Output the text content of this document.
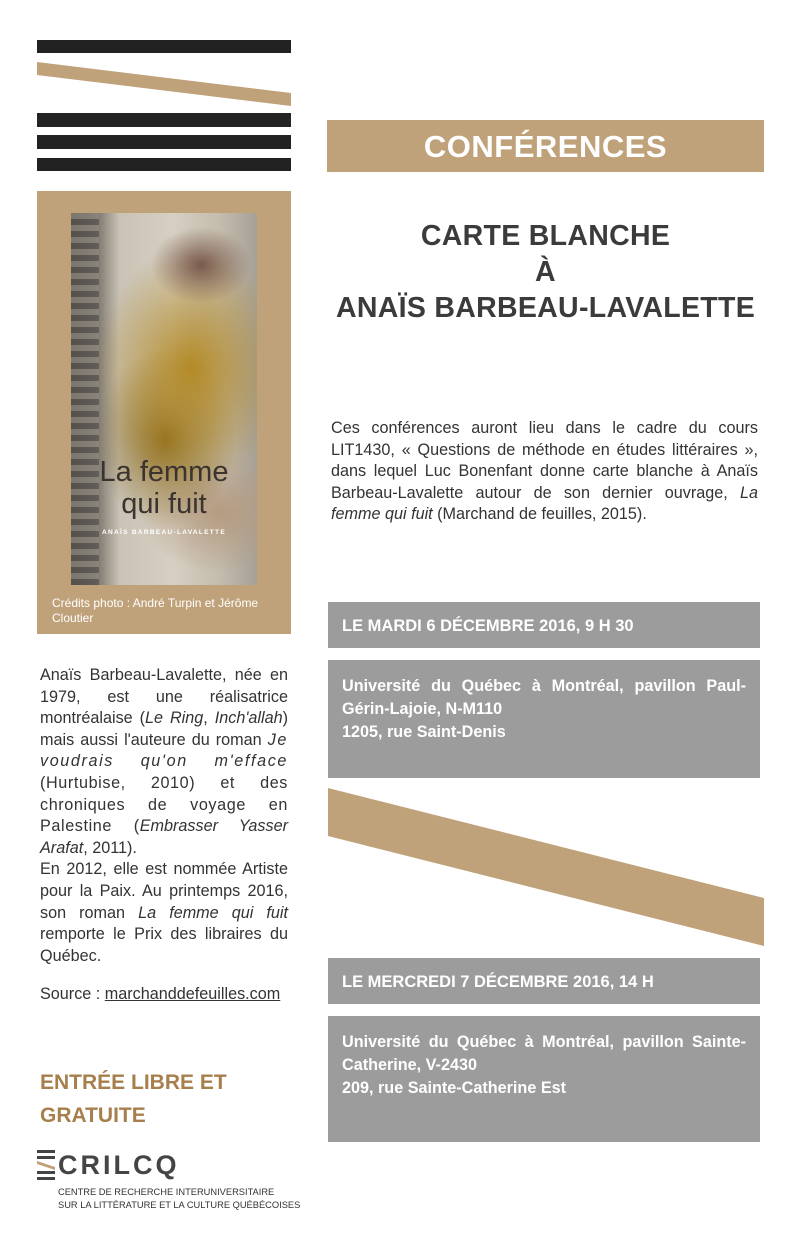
CONFÉRENCES
CARTE BLANCHE
À
ANAÏS BARBEAU-LAVALETTE
Ces conférences auront lieu dans le cadre du cours LIT1430, « Questions de méthode en études littéraires », dans lequel Luc Bonenfant donne carte blanche à Anaïs Barbeau-Lavalette autour de son dernier ouvrage, La femme qui fuit (Marchand de feuilles, 2015).
La femme
qui fuit
ANAÏS BARBEAU-LAVALETTE
Crédits photo : André Turpin et Jérôme Cloutier

Anaïs Barbeau-Lavalette, née en 1979, est une réalisatrice montréalaise (Le Ring, Inch'allah) mais aussi l'auteure du roman Je voudrais qu'on m'efface (Hurtubise, 2010) et des chroniques de voyage en Palestine (Embrasser Yasser Arafat, 2011).

En 2012, elle est nommée Artiste pour la Paix. Au printemps 2016, son roman La femme qui fuit remporte le Prix des libraires du Québec.

Source : marchanddefeuilles.com
ENTRÉE LIBRE ET
GRATUITE
CRILCQ
CENTRE DE RECHERCHE INTERUNIVERSITAIRE
SUR LA LITTÉRATURE ET LA CULTURE QUÉBÉCOISES
LE MARDI 6 DÉCEMBRE 2016, 9 H 30
Université du Québec à Montréal, pavillon Paul-
Gérin-Lajoie, N-M110
1205, rue Saint-Denis
LE MERCREDI 7 DÉCEMBRE 2016, 14 H
Université du Québec à Montréal, pavillon Sainte-
Catherine, V-2430
209, rue Sainte-Catherine Est
